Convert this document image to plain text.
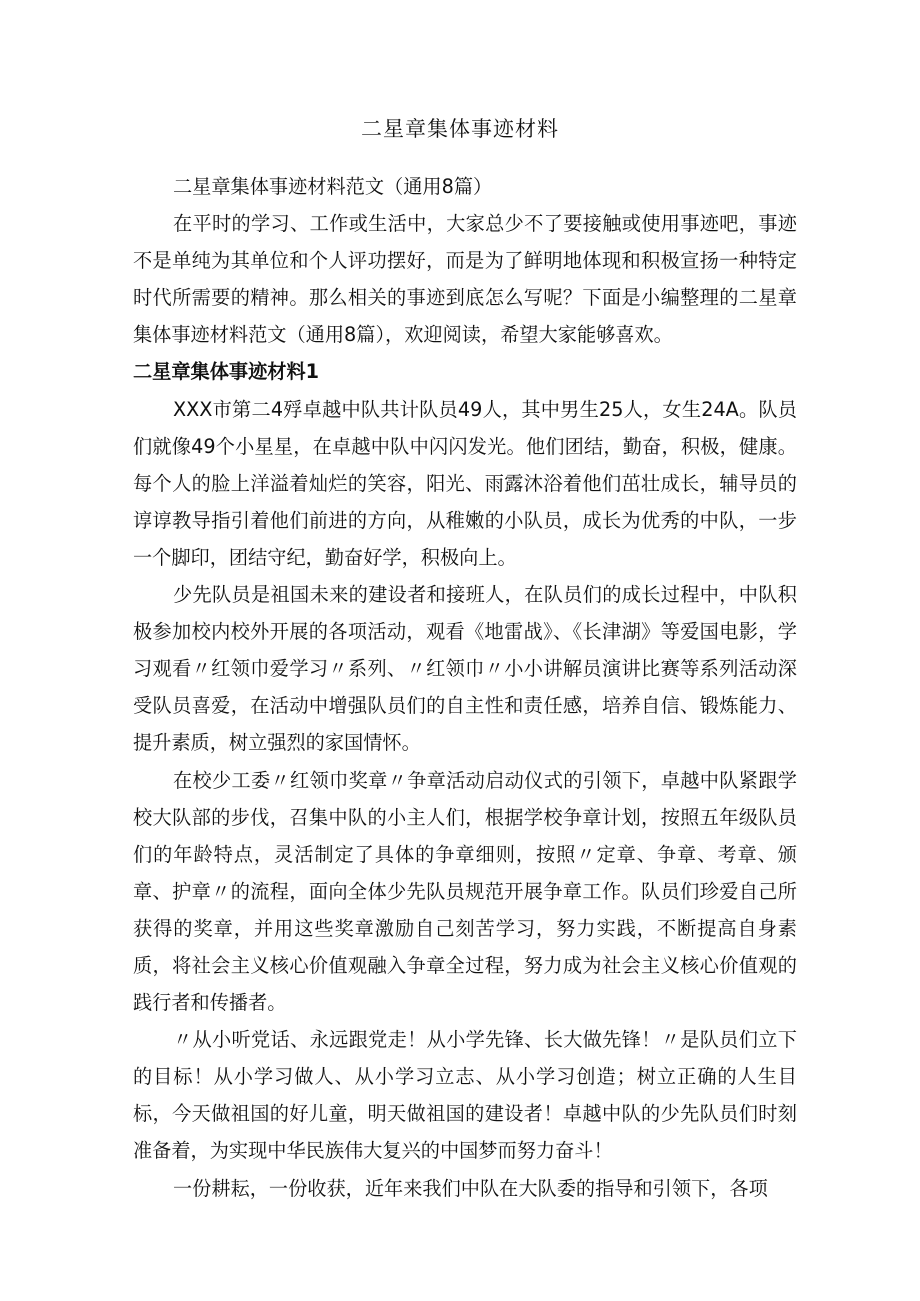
二星章集体事迹材料

二星章集体事迹材料范文（通用8篇）

在平时的学习、工作或生活中，大家总少不了要接触或使用事迹吧，事迹不是单纯为其单位和个人评功摆好，而是为了鲜明地体现和积极宣扬一种特定时代所需要的精神。那么相关的事迹到底怎么写呢？下面是小编整理的二星章集体事迹材料范文（通用8篇），欢迎阅读，希望大家能够喜欢。

二星章集体事迹材料1

XXX市第二4殍卓越中队共计队员49人，其中男生25人，女生24A。队员们就像49个小星星，在卓越中队中闪闪发光。他们团结，勤奋，积极，健康。每个人的脸上洋溢着灿烂的笑容，阳光、雨露沐浴着他们茁壮成长，辅导员的谆谆教导指引着他们前进的方向，从稚嫩的小队员，成长为优秀的中队，一步一个脚印，团结守纪，勤奋好学，积极向上。

少先队员是祖国未来的建设者和接班人，在队员们的成长过程中，中队积极参加校内校外开展的各项活动，观看《地雷战》、《长津湖》等爱国电影，学习观看〃红领巾爱学习〃系列、〃红领巾〃小小讲解员演讲比赛等系列活动深受队员喜爱，在活动中增强队员们的自主性和责任感，培养自信、锻炼能力、提升素质，树立强烈的家国情怀。

在校少工委〃红领巾奖章〃争章活动启动仪式的引领下，卓越中队紧跟学校大队部的步伐，召集中队的小主人们，根据学校争章计划，按照五年级队员们的年龄特点，灵活制定了具体的争章细则，按照〃定章、争章、考章、颁章、护章〃的流程，面向全体少先队员规范开展争章工作。队员们珍爱自己所获得的奖章，并用这些奖章激励自己刻苦学习，努力实践，不断提高自身素质，将社会主义核心价值观融入争章全过程，努力成为社会主义核心价值观的践行者和传播者。

〃从小听党话、永远跟党走！从小学先锋、长大做先锋！〃是队员们立下的目标！从小学习做人、从小学习立志、从小学习创造；树立正确的人生目标，今天做祖国的好儿童，明天做祖国的建设者！卓越中队的少先队员们时刻准备着，为实现中华民族伟大复兴的中国梦而努力奋斗！

一份耕耘，一份收获，近年来我们中队在大队委的指导和引领下，各项
